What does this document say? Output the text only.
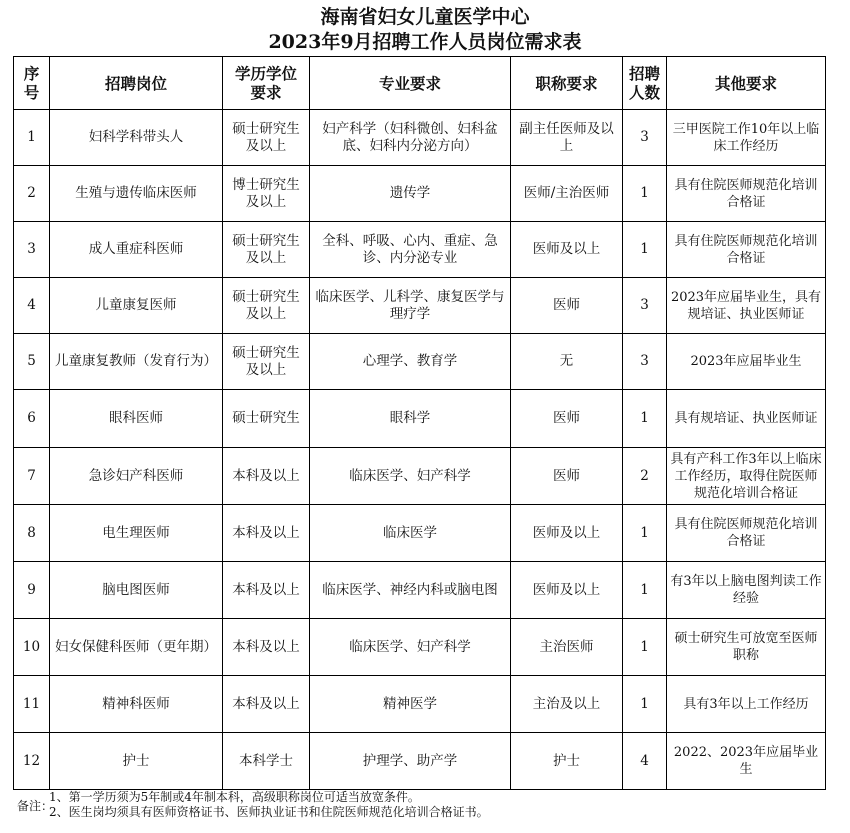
海南省妇女儿童医学中心
2023年9月招聘工作人员岗位需求表
序号	招聘岗位	学历学位要求	专业要求	职称要求	招聘人数	其他要求
1	妇科学科带头人	硕士研究生及以上	妇产科学（妇科微创、妇科盆底、妇科内分泌方向）	副主任医师及以上	3	三甲医院工作10年以上临床工作经历
2	生殖与遗传临床医师	博士研究生及以上	遗传学	医师/主治医师	1	具有住院医师规范化培训合格证
3	成人重症科医师	硕士研究生及以上	全科、呼吸、心内、重症、急诊、内分泌专业	医师及以上	1	具有住院医师规范化培训合格证
4	儿童康复医师	硕士研究生及以上	临床医学、儿科学、康复医学与理疗学	医师	3	2023年应届毕业生，具有规培证、执业医师证
5	儿童康复教师（发育行为）	硕士研究生及以上	心理学、教育学	无	3	2023年应届毕业生
6	眼科医师	硕士研究生	眼科学	医师	1	具有规培证、执业医师证
7	急诊妇产科医师	本科及以上	临床医学、妇产科学	医师	2	具有产科工作3年以上临床工作经历，取得住院医师规范化培训合格证
8	电生理医师	本科及以上	临床医学	医师及以上	1	具有住院医师规范化培训合格证
9	脑电图医师	本科及以上	临床医学、神经内科或脑电图	医师及以上	1	有3年以上脑电图判读工作经验
10	妇女保健科医师（更年期）	本科及以上	临床医学、妇产科学	主治医师	1	硕士研究生可放宽至医师职称
11	精神科医师	本科及以上	精神医学	主治及以上	1	具有3年以上工作经历
12	护士	本科学士	护理学、助产学	护士	4	2022、2023年应届毕业生
备注：
1、第一学历须为5年制或4年制本科，高级职称岗位可适当放宽条件。
2、医生岗均须具有医师资格证书、医师执业证书和住院医师规范化培训合格证书。
